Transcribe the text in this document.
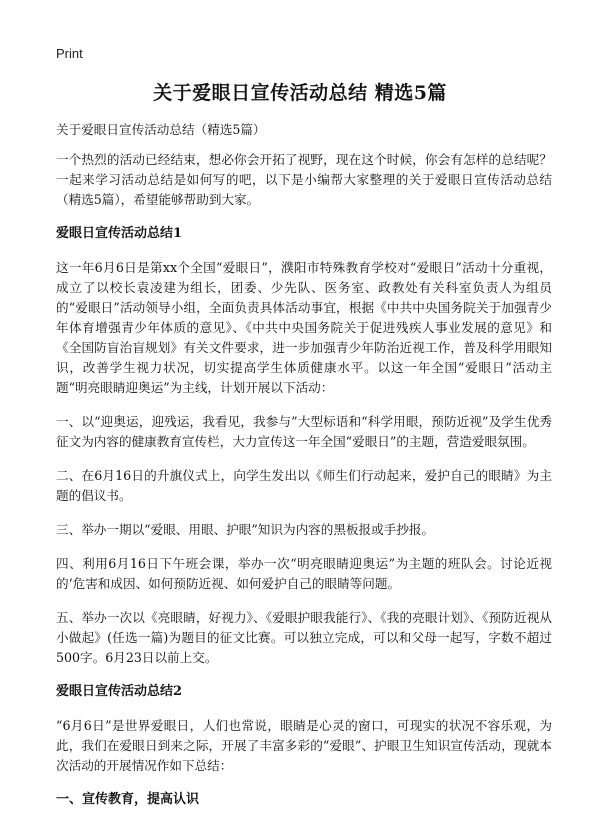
Print
关于爱眼日宣传活动总结 精选5篇

关于爱眼日宣传活动总结（精选5篇）

一个热烈的活动已经结束，想必你会开拓了视野，现在这个时候，你会有怎样的总结呢？一起来学习活动总结是如何写的吧，以下是小编帮大家整理的关于爱眼日宣传活动总结（精选5篇），希望能够帮助到大家。

爱眼日宣传活动总结1

这一年6月6日是第xx个全国“爱眼日”，濮阳市特殊教育学校对“爱眼日”活动十分重视，成立了以校长袁凌建为组长，团委、少先队、医务室、政教处有关科室负责人为组员的“爱眼日”活动领导小组，全面负责具体活动事宜，根据《中共中央国务院关于加强青少年体育增强青少年体质的意见》、《中共中央国务院关于促进残疾人事业发展的意见》和《全国防盲治盲规划》有关文件要求，进一步加强青少年防治近视工作，普及科学用眼知识，改善学生视力状况，切实提高学生体质健康水平。以这一年全国“爱眼日”活动主题“明亮眼睛迎奥运”为主线，计划开展以下活动：

一、以“迎奥运，迎残运，我看见，我参与”大型标语和“科学用眼，预防近视”及学生优秀征文为内容的健康教育宣传栏，大力宣传这一年全国“爱眼日”的主题，营造爱眼氛围。

二、在6月16日的升旗仪式上，向学生发出以《师生们行动起来，爱护自己的眼睛》为主题的倡议书。

三、举办一期以“爱眼、用眼、护眼”知识为内容的黑板报或手抄报。

四、利用6月16日下午班会课，举办一次“明亮眼睛迎奥运”为主题的班队会。讨论近视的‘危害和成因、如何预防近视、如何爱护自己的眼睛等问题。

五、举办一次以《亮眼睛，好视力》、《爱眼护眼我能行》、《我的亮眼计划》、《预防近视从小做起》(任选一篇)为题目的征文比赛。可以独立完成，可以和父母一起写，字数不超过500字。6月23日以前上交。

爱眼日宣传活动总结2

“6月6日”是世界爱眼日，人们也常说，眼睛是心灵的窗口，可现实的状况不容乐观，为此，我们在爱眼日到来之际，开展了丰富多彩的“爱眼”、护眼卫生知识宣传活动，现就本次活动的开展情况作如下总结：

一、宣传教育，提高认识
